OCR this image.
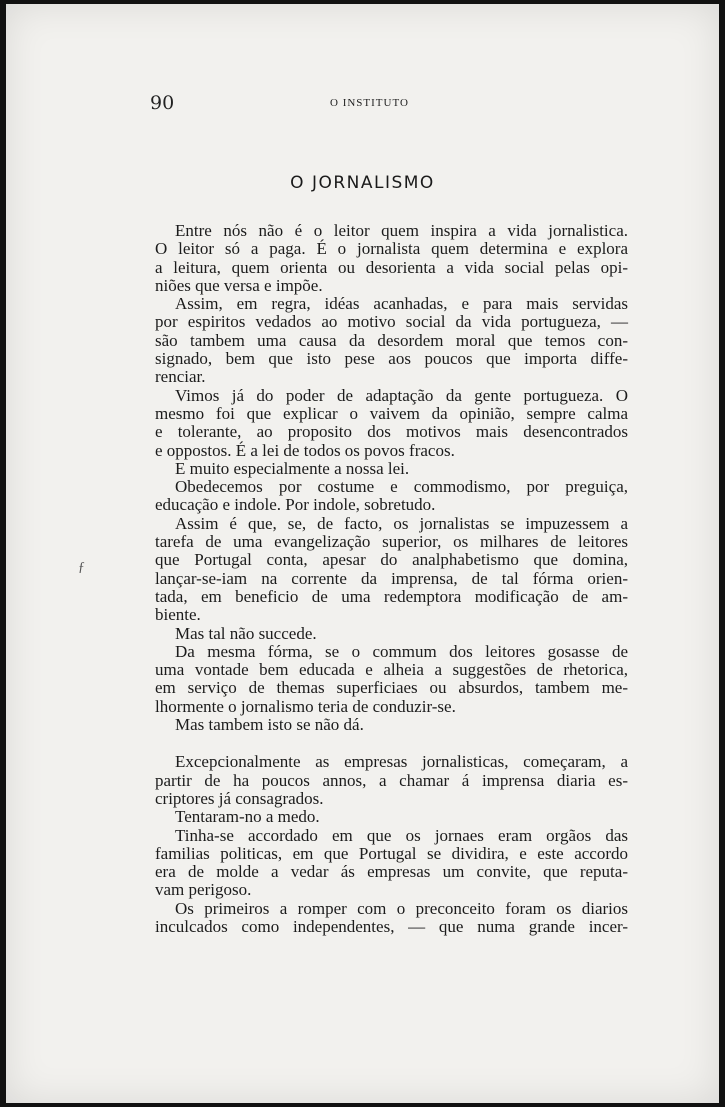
90	O INSTITUTO
O JORNALISMO
Entre nós não é o leitor quem inspira a vida jornalistica.
O leitor só a paga. É o jornalista quem determina e explora
a leitura, quem orienta ou desorienta a vida social pelas opi-
niões que versa e impõe.
Assim, em regra, idéas acanhadas, e para mais servidas
por espiritos vedados ao motivo social da vida portugueza, —
são tambem uma causa da desordem moral que temos con-
signado, bem que isto pese aos poucos que importa diffe-
renciar.
Vimos já do poder de adaptação da gente portugueza. O
mesmo foi que explicar o vaivem da opinião, sempre calma
e tolerante, ao proposito dos motivos mais desencontrados
e oppostos. É a lei de todos os povos fracos.
E muito especialmente a nossa lei.
Obedecemos por costume e commodismo, por preguiça,
educação e indole. Por indole, sobretudo.
Assim é que, se, de facto, os jornalistas se impuzessem a
tarefa de uma evangelização superior, os milhares de leitores
que Portugal conta, apesar do analphabetismo que domina,
lançar-se-iam na corrente da imprensa, de tal fórma orien-
tada, em beneficio de uma redemptora modificação de am-
biente.
Mas tal não succede.
Da mesma fórma, se o commum dos leitores gosasse de
uma vontade bem educada e alheia a suggestões de rhetorica,
em serviço de themas superficiaes ou absurdos, tambem me-
lhormente o jornalismo teria de conduzir-se.
Mas tambem isto se não dá.
Excepcionalmente as empresas jornalisticas, começaram, a
partir de ha poucos annos, a chamar á imprensa diaria es-
criptores já consagrados.
Tentaram-no a medo.
Tinha-se accordado em que os jornaes eram orgãos das
familias politicas, em que Portugal se dividira, e este accordo
era de molde a vedar ás empresas um convite, que reputa-
vam perigoso.
Os primeiros a romper com o preconceito foram os diarios
inculcados como independentes, — que numa grande incer-
ƒ
